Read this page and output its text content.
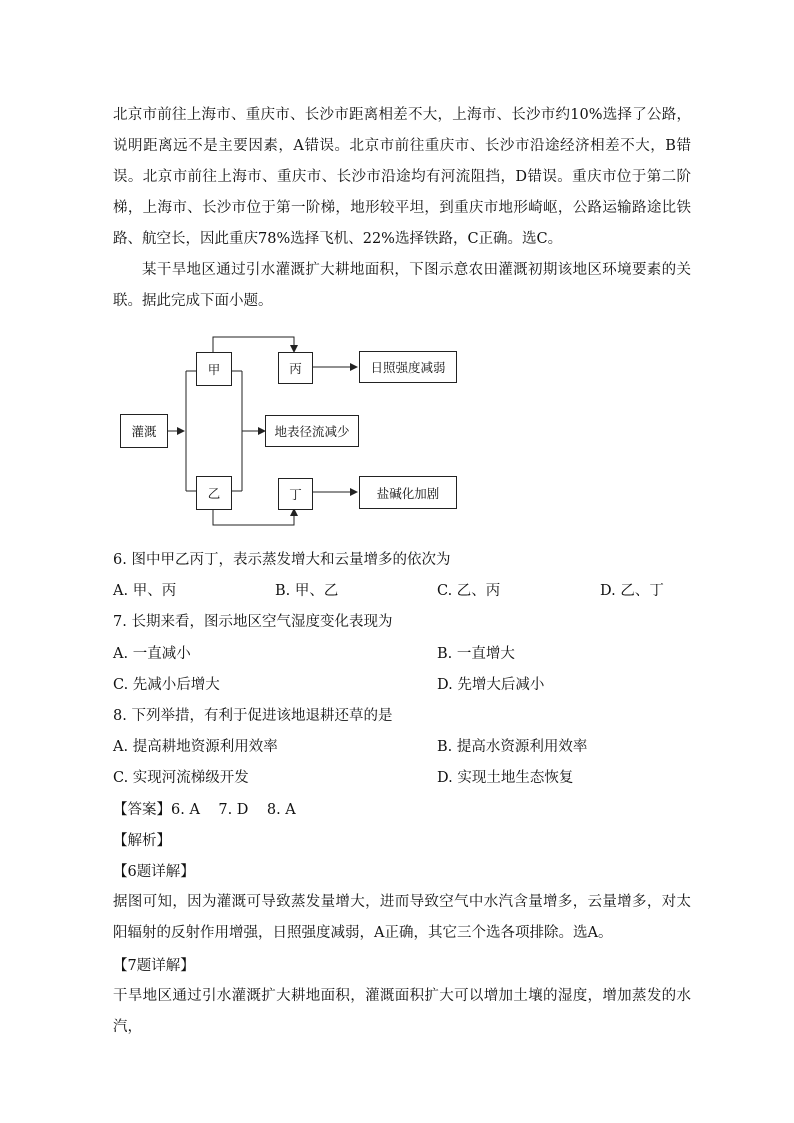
北京市前往上海市、重庆市、长沙市距离相差不大，上海市、长沙市约10%选择了公路，说明距离远不是主要因素，A错误。北京市前往重庆市、长沙市沿途经济相差不大，B错误。北京市前往上海市、重庆市、长沙市沿途均有河流阻挡，D错误。重庆市位于第二阶梯，上海市、长沙市位于第一阶梯，地形较平坦，到重庆市地形崎岖，公路运输路途比铁路、航空长，因此重庆78%选择飞机、22%选择铁路，C正确。选C。

某干旱地区通过引水灌溉扩大耕地面积，下图示意农田灌溉初期该地区环境要素的关联。据此完成下面小题。

灌溉
甲
乙
丙
丁
地表径流减少
日照强度减弱
盐碱化加剧

6. 图中甲乙丙丁，表示蒸发增大和云量增多的依次为

A. 甲、丙	B. 甲、乙	C. 乙、丙	D. 乙、丁

7. 长期来看，图示地区空气湿度变化表现为

A. 一直减小	B. 一直增大

C. 先减小后增大	D. 先增大后减小

8. 下列举措，有利于促进该地退耕还草的是

A. 提高耕地资源利用效率	B. 提高水资源利用效率

C. 实现河流梯级开发	D. 实现土地生态恢复

【答案】6. A    7. D    8. A

【解析】

【6题详解】

据图可知，因为灌溉可导致蒸发量增大，进而导致空气中水汽含量增多，云量增多，对太阳辐射的反射作用增强，日照强度减弱，A正确，其它三个选各项排除。选A。

【7题详解】

干旱地区通过引水灌溉扩大耕地面积，灌溉面积扩大可以增加土壤的湿度，增加蒸发的水汽，
